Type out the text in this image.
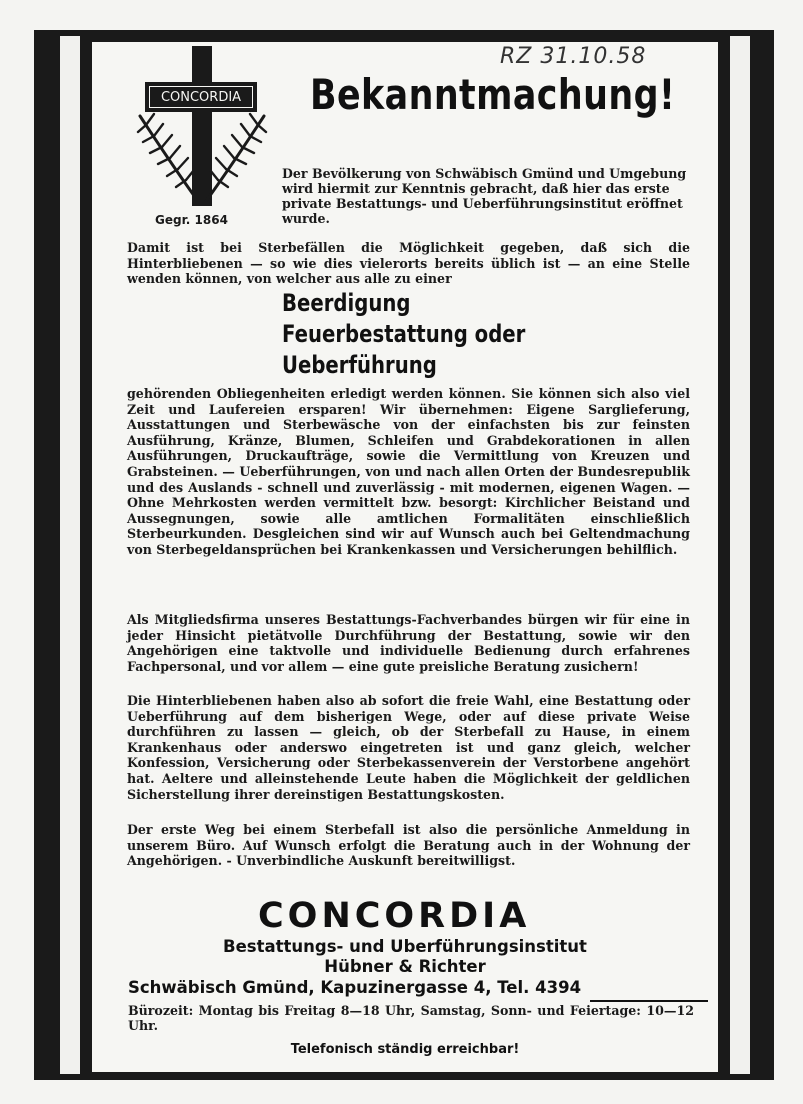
RZ 31.10.58
CONCORDIA
Gegr. 1864
Bekanntmachung!
Der Bevölkerung von Schwäbisch Gmünd und Umgebung wird hiermit zur Kenntnis gebracht, daß hier das erste private Bestattungs- und Ueberführungsinstitut eröffnet wurde.
Damit ist bei Sterbefällen die Möglichkeit gegeben, daß sich die Hinterbliebenen — so wie dies vielerorts bereits üblich ist — an eine Stelle wenden können, von welcher aus alle zu einer
Beerdigung
Feuerbestattung oder
Ueberführung
gehörenden Obliegenheiten erledigt werden können. Sie können sich also viel Zeit und Laufereien ersparen! Wir übernehmen: Eigene Sarglieferung, Ausstattungen und Sterbewäsche von der einfachsten bis zur feinsten Ausführung, Kränze, Blumen, Schleifen und Grabdekorationen in allen Ausführungen, Druckaufträge, sowie die Vermittlung von Kreuzen und Grabsteinen. — Ueberführungen, von und nach allen Orten der Bundesrepublik und des Auslands - schnell und zuverlässig - mit modernen, eigenen Wagen. — Ohne Mehrkosten werden vermittelt bzw. besorgt: Kirchlicher Beistand und Aussegnungen, sowie alle amtlichen Formalitäten einschließlich Sterbeurkunden. Desgleichen sind wir auf Wunsch auch bei Geltendmachung von Sterbegeldansprüchen bei Krankenkassen und Versicherungen behilflich.
Als Mitgliedsfirma unseres Bestattungs-Fachverbandes bürgen wir für eine in jeder Hinsicht pietätvolle Durchführung der Bestattung, sowie wir den Angehörigen eine taktvolle und individuelle Bedienung durch erfahrenes Fachpersonal, und vor allem — eine gute preisliche Beratung zusichern!
Die Hinterbliebenen haben also ab sofort die freie Wahl, eine Bestattung oder Ueberführung auf dem bisherigen Wege, oder auf diese private Weise durchführen zu lassen — gleich, ob der Sterbefall zu Hause, in einem Krankenhaus oder anderswo eingetreten ist und ganz gleich, welcher Konfession, Versicherung oder Sterbekassenverein der Verstorbene angehört hat. Aeltere und alleinstehende Leute haben die Möglichkeit der geldlichen Sicherstellung ihrer dereinstigen Bestattungskosten.
Der erste Weg bei einem Sterbefall ist also die persönliche Anmeldung in unserem Büro. Auf Wunsch erfolgt die Beratung auch in der Wohnung der Angehörigen. - Unverbindliche Auskunft bereitwilligst.
CONCORDIA
Bestattungs- und Uberführungsinstitut
Hübner & Richter
Schwäbisch Gmünd, Kapuzinergasse 4, Tel. 4394
Bürozeit: Montag bis Freitag 8—18 Uhr, Samstag, Sonn- und Feiertage: 10—12 Uhr.
Telefonisch ständig erreichbar!
